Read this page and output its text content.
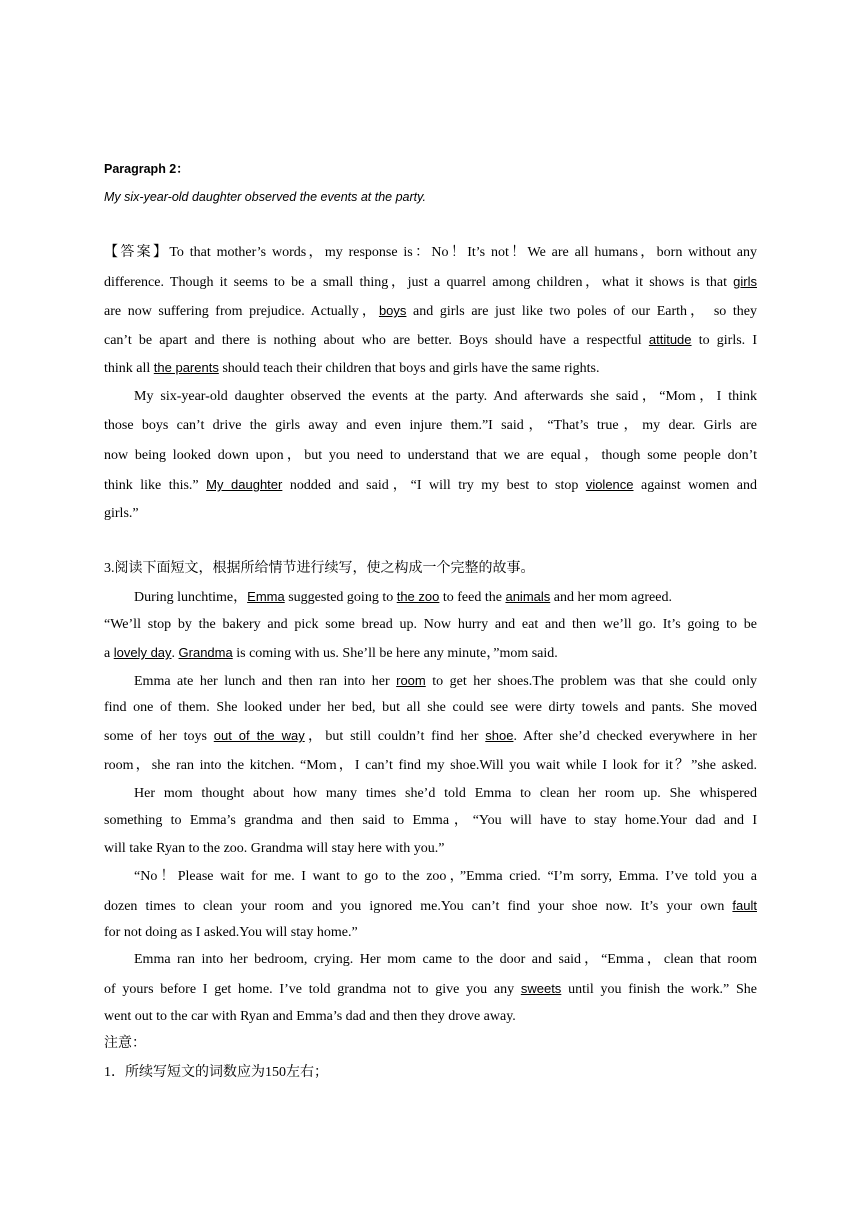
Paragraph 2：
My six-year-old daughter observed the events at the party.
【答案】To that mother’s words，my response is：No！It’s not！We are all humans，born without any
difference. Though it seems to be a small thing，just a quarrel among children，what it shows is that girls
are now suffering from prejudice. Actually，boys and girls are just like two poles of our Earth， so they
can’t be apart and there is nothing about who are better. Boys should have a respectful attitude to girls. I
think all the parents should teach their children that boys and girls have the same rights.
My six-year-old daughter observed the events at the party. And afterwards she said，“Mom，I think
those boys can’t drive the girls away and even injure them.”I said，“That’s true，my dear. Girls are
now being looked down upon，but you need to understand that we are equal，though some people don’t
think like this.” My daughter nodded and said，“I will try my best to stop violence against women and
girls.”
3.阅读下面短文，根据所给情节进行续写，使之构成一个完整的故事。
During lunchtime，Emma suggested going to the zoo to feed the animals and her mom agreed.
“We’ll stop by the bakery and pick some bread up. Now hurry and eat and then we’ll go. It’s going to be
a lovely day. Grandma is coming with us. She’ll be here any minute，”mom said.
Emma ate her lunch and then ran into her room to get her shoes.The problem was that she could only
find one of them. She looked under her bed, but all she could see were dirty towels and pants. She moved
some of her toys out of the way，but still couldn’t find her shoe. After she’d checked everywhere in her
room，she ran into the kitchen. “Mom，I can’t find my shoe.Will you wait while I look for it？”she asked.
Her mom thought about how many times she’d told Emma to clean her room up. She whispered
something to Emma’s grandma and then said to Emma，“You will have to stay home.Your dad and I
will take Ryan to the zoo. Grandma will stay here with you.”
“No！Please wait for me. I want to go to the zoo，”Emma cried. “I’m sorry, Emma. I’ve told you a
dozen times to clean your room and you ignored me.You can’t find your shoe now. It’s your own fault
for not doing as I asked.You will stay home.”
Emma ran into her bedroom, crying. Her mom came to the door and said，“Emma，clean that room
of yours before I get home. I’ve told grandma not to give you any sweets until you finish the work.” She
went out to the car with Ryan and Emma’s dad and then they drove away.
注意：
1．所续写短文的词数应为150左右；
